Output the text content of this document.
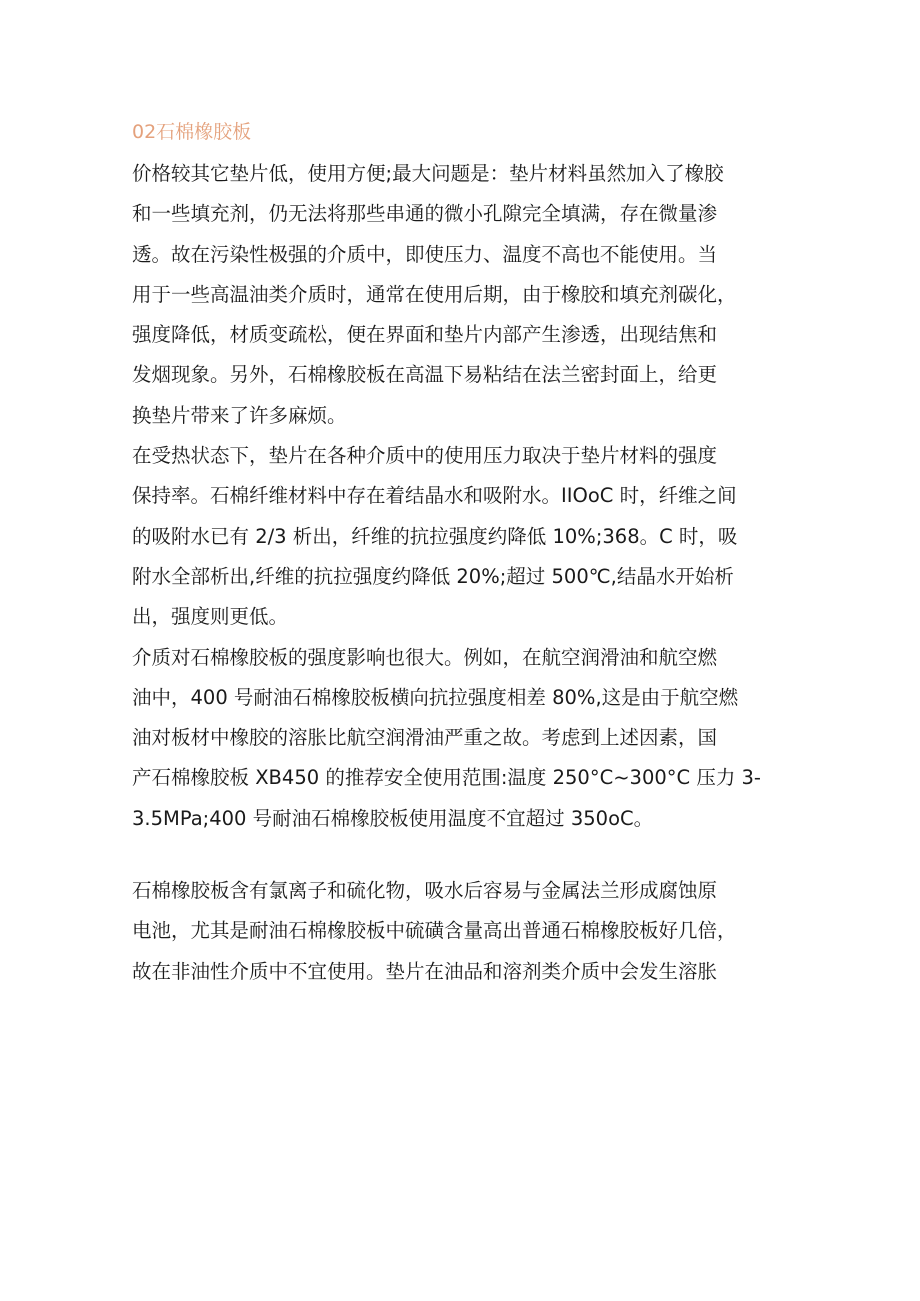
02石棉橡胶板

价格较其它垫片低，使用方便;最大问题是：垫片材料虽然加入了橡胶

和一些填充剂，仍无法将那些串通的微小孔隙完全填满，存在微量渗

透。故在污染性极强的介质中，即使压力、温度不高也不能使用。当

用于一些高温油类介质时，通常在使用后期，由于橡胶和填充剂碳化，

强度降低，材质变疏松，便在界面和垫片内部产生渗透，出现结焦和

发烟现象。另外，石棉橡胶板在高温下易粘结在法兰密封面上，给更

换垫片带来了许多麻烦。

在受热状态下，垫片在各种介质中的使用压力取决于垫片材料的强度

保持率。石棉纤维材料中存在着结晶水和吸附水。IIOoC 时，纤维之间

的吸附水已有 2/3 析出，纤维的抗拉强度约降低 10%;368。C 时，吸

附水全部析出,纤维的抗拉强度约降低 20%;超过 500℃,结晶水开始析

出，强度则更低。

介质对石棉橡胶板的强度影响也很大。例如，在航空润滑油和航空燃

油中，400 号耐油石棉橡胶板横向抗拉强度相差 80%,这是由于航空燃

油对板材中橡胶的溶胀比航空润滑油严重之故。考虑到上述因素，国

产石棉橡胶板 XB450 的推荐安全使用范围:温度 250°C~300°C 压力 3-

3.5MPa;400 号耐油石棉橡胶板使用温度不宜超过 350oC。

石棉橡胶板含有氯离子和硫化物，吸水后容易与金属法兰形成腐蚀原

电池，尤其是耐油石棉橡胶板中硫磺含量高出普通石棉橡胶板好几倍，

故在非油性介质中不宜使用。垫片在油品和溶剂类介质中会发生溶胀
